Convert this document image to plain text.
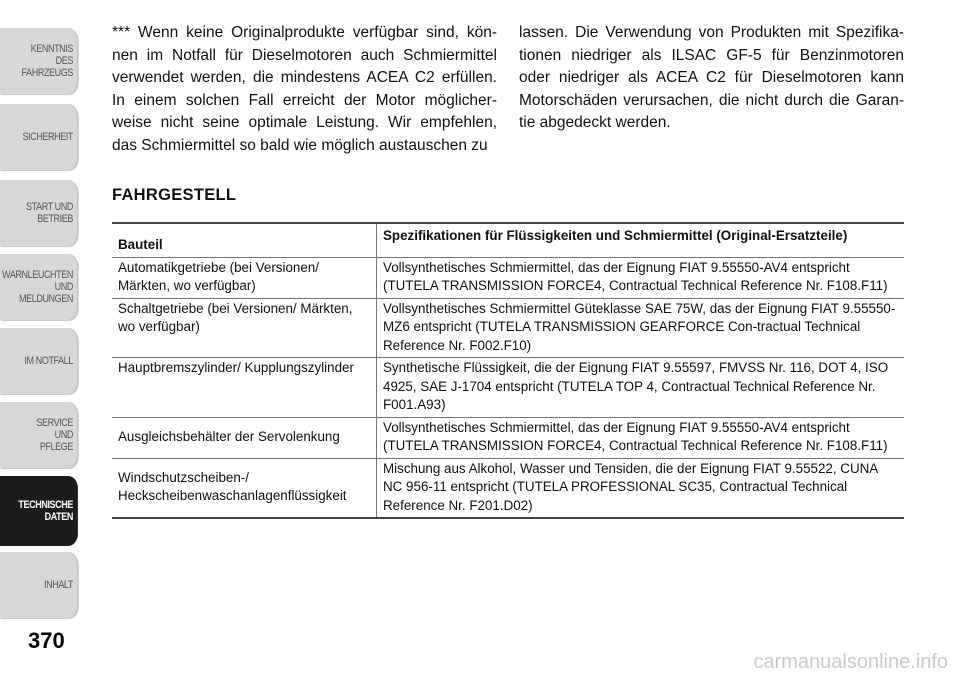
KENNTNIS
DES
FAHRZEUGS
SICHERHEIT
START UND
BETRIEB
WARNLEUCHTEN
UND
MELDUNGEN
IM NOTFALL
SERVICE
UND
PFLEGE
TECHNISCHE
DATEN
INHALT
370

*** Wenn keine Originalprodukte verfügbar sind, kön-nen im Notfall für Dieselmotoren auch Schmiermittel verwendet werden, die mindestens ACEA C2 erfüllen. In einem solchen Fall erreicht der Motor möglicher-weise nicht seine optimale Leistung. Wir empfehlen, das Schmiermittel so bald wie möglich austauschen zu

lassen. Die Verwendung von Produkten mit Spezifika-tionen niedriger als ILSAC GF-5 für Benzinmotoren oder niedriger als ACEA C2 für Dieselmotoren kann Motorschäden verursachen, die nicht durch die Garan-tie abgedeckt werden.

FAHRGESTELL
Bauteil	Spezifikationen für Flüssigkeiten und Schmiermittel (Original-Ersatzteile)
Automatikgetriebe (bei Versionen/ Märkten, wo verfügbar)	Vollsynthetisches Schmiermittel, das der Eignung FIAT 9.55550-AV4 entspricht (TUTELA TRANSMISSION FORCE4, Contractual Technical Reference Nr. F108.F11)
Schaltgetriebe (bei Versionen/ Märkten, wo verfügbar)	Vollsynthetisches Schmiermittel Güteklasse SAE 75W, das der Eignung FIAT 9.55550-MZ6 entspricht (TUTELA TRANSMISSION GEARFORCE Con-tractual Technical Reference Nr. F002.F10)
Hauptbremszylinder/ Kupplungszylinder	Synthetische Flüssigkeit, die der Eignung FIAT 9.55597, FMVSS Nr. 116, DOT 4, ISO 4925, SAE J-1704 entspricht (TUTELA TOP 4, Contractual Technical Reference Nr. F001.A93)
Ausgleichsbehälter der Servolenkung	Vollsynthetisches Schmiermittel, das der Eignung FIAT 9.55550-AV4 entspricht (TUTELA TRANSMISSION FORCE4, Contractual Technical Reference Nr. F108.F11)
Windschutzscheiben-/ Heckscheibenwaschanlagenflüssigkeit	Mischung aus Alkohol, Wasser und Tensiden, die der Eignung FIAT 9.55522, CUNA NC 956-11 entspricht (TUTELA PROFESSIONAL SC35, Contractual Technical Reference Nr. F201.D02)
carmanualsonline.info
